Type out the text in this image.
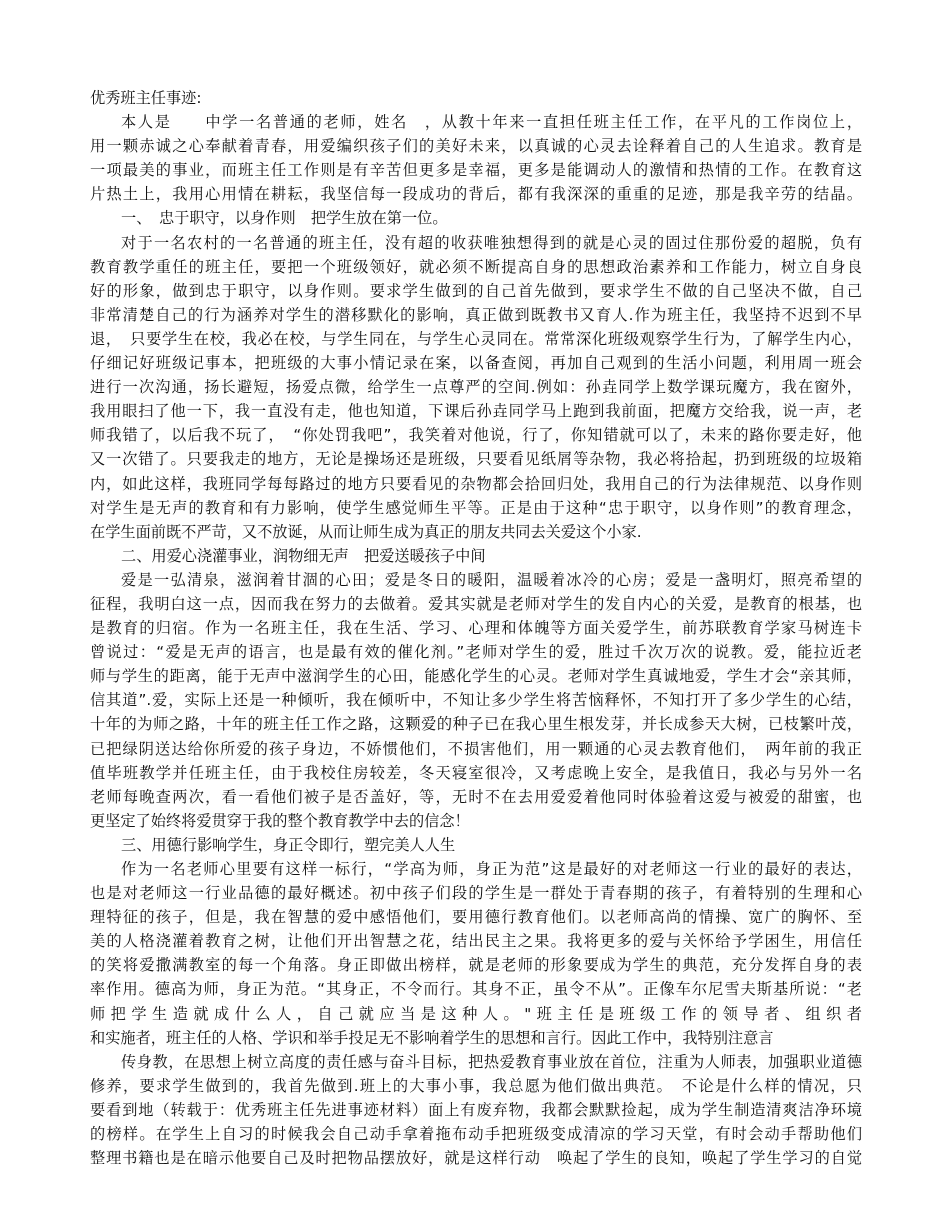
优秀班主任事迹:
本人是　　中学一名普通的老师，姓名　，从教十年来一直担任班主任工作，在平凡的工作岗位上，
用一颗赤诚之心奉献着青春，用爱编织孩子们的美好未来，以真诚的心灵去诠释着自己的人生追求。教育是
一项最美的事业，而班主任工作则是有辛苦但更多是幸福，更多是能调动人的激情和热情的工作。在教育这
片热土上，我用心用情在耕耘，我坚信每一段成功的背后，都有我深深的重重的足迹，那是我辛劳的结晶。
一、　忠于职守，以身作则　把学生放在第一位。
对于一名农村的一名普通的班主任，没有超的收获唯独想得到的就是心灵的固过住那份爱的超脱，负有
教育教学重任的班主任，要把一个班级领好，就必须不断提高自身的思想政治素养和工作能力，树立自身良
好的形象，做到忠于职守，以身作则。要求学生做到的自己首先做到，要求学生不做的自己坚决不做，自己
非常清楚自己的行为涵养对学生的潜移默化的影响，真正做到既教书又育人.作为班主任，我坚持不迟到不早
退，　只要学生在校，我必在校，与学生同在，与学生心灵同在。常常深化班级观察学生行为，了解学生内心，
仔细记好班级记事本，把班级的大事小情记录在案，以备查阅，再加自己观到的生活小问题，利用周一班会
进行一次沟通，扬长避短，扬爱点微，给学生一点尊严的空间.例如：孙垚同学上数学课玩魔方，我在窗外，
我用眼扫了他一下，我一直没有走，他也知道，下课后孙垚同学马上跑到我前面，把魔方交给我，说一声，老
师我错了，以后我不玩了，　“你处罚我吧”，我笑着对他说，行了，你知错就可以了，未来的路你要走好，他
又一次错了。只要我走的地方，无论是操场还是班级，只要看见纸屑等杂物，我必将拾起，扔到班级的垃圾箱
内，如此这样，我班同学每每路过的地方只要看见的杂物都会拾回归处，我用自己的行为法律规范、以身作则
对学生是无声的教育和有力影响，使学生感觉师生平等。正是由于这种“忠于职守，以身作则”的教育理念，
在学生面前既不严苛，又不放诞，从而让师生成为真正的朋友共同去关爱这个小家.
二、用爱心浇灌事业，润物细无声　把爱送暖孩子中间
爱是一弘清泉，滋润着甘涸的心田；爱是冬日的暖阳，温暖着冰冷的心房；爱是一盏明灯，照亮希望的
征程，我明白这一点，因而我在努力的去做着。爱其实就是老师对学生的发自内心的关爱，是教育的根基，也
是教育的归宿。作为一名班主任，我在生活、学习、心理和体魄等方面关爱学生，前苏联教育学家马树连卡
曾说过：“爱是无声的语言，也是最有效的催化剂。”老师对学生的爱，胜过千次万次的说教。爱，能拉近老
师与学生的距离，能于无声中滋润学生的心田，能感化学生的心灵。老师对学生真诚地爱，学生才会“亲其师，
信其道”.爱，实际上还是一种倾听，我在倾听中，不知让多少学生将苦恼释怀，不知打开了多少学生的心结，
十年的为师之路，十年的班主任工作之路，这颗爱的种子已在我心里生根发芽，并长成参天大树，已枝繁叶茂，
已把绿阴送达给你所爱的孩子身边，不娇惯他们，不损害他们，用一颗通的心灵去教育他们，　两年前的我正
值毕班教学并任班主任，由于我校住房较差，冬天寝室很冷，又考虑晚上安全，是我值日，我必与另外一名
老师每晚查两次，看一看他们被子是否盖好，等，无时不在去用爱爱着他同时体验着这爱与被爱的甜蜜，也
更坚定了始终将爱贯穿于我的整个教育教学中去的信念！
三、用德行影响学生，身正令即行，塑完美人人生
作为一名老师心里要有这样一标行，“学高为师，身正为范”这是最好的对老师这一行业的最好的表达，
也是对老师这一行业品德的最好概述。初中孩子们段的学生是一群处于青春期的孩子，有着特别的生理和心
理特征的孩子，但是，我在智慧的爱中感悟他们，要用德行教育他们。以老师高尚的情操、宽广的胸怀、至
美的人格浇灌着教育之树，让他们开出智慧之花，结出民主之果。我将更多的爱与关怀给予学困生，用信任
的笑将爱撒满教室的每一个角落。身正即做出榜样，就是老师的形象要成为学生的典范，充分发挥自身的表
率作用。德高为师，身正为范。“其身正，不令而行。其身不正，虽令不从”。正像车尔尼雪夫斯基所说：“老
师把学生造就成什么人，自己就应当是这种人。"班主任是班级工作的领导者、组织者
和实施者，班主任的人格、学识和举手投足无不影响着学生的思想和言行。因此工作中，我特别注意言
传身教，在思想上树立高度的责任感与奋斗目标，把热爱教育事业放在首位，注重为人师表，加强职业道德
修养，要求学生做到的，我首先做到.班上的大事小事，我总愿为他们做出典范。　不论是什么样的情况，只
要看到地（转载于：优秀班主任先进事迹材料）面上有废弃物，我都会默默捡起，成为学生制造清爽洁净环境
的榜样。在学生上自习的时候我会自己动手拿着拖布动手把班级变成清凉的学习天堂，有时会动手帮助他们
整理书籍也是在暗示他要自己及时把物品摆放好，就是这样行动　唤起了学生的良知，唤起了学生学习的自觉
